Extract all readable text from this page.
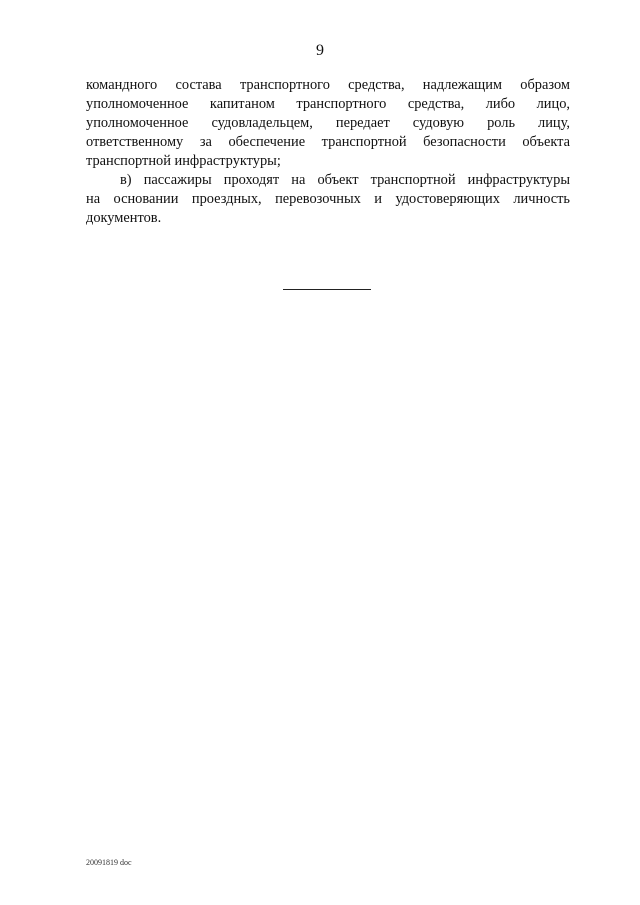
9
командного состава транспортного средства, надлежащим образом
уполномоченное капитаном транспортного средства, либо лицо,
уполномоченное судовладельцем, передает судовую роль лицу,
ответственному за обеспечение транспортной безопасности объекта
транспортной инфраструктуры;
в) пассажиры проходят на объект транспортной инфраструктуры
на основании проездных, перевозочных и удостоверяющих личность
документов.
20091819 doc
